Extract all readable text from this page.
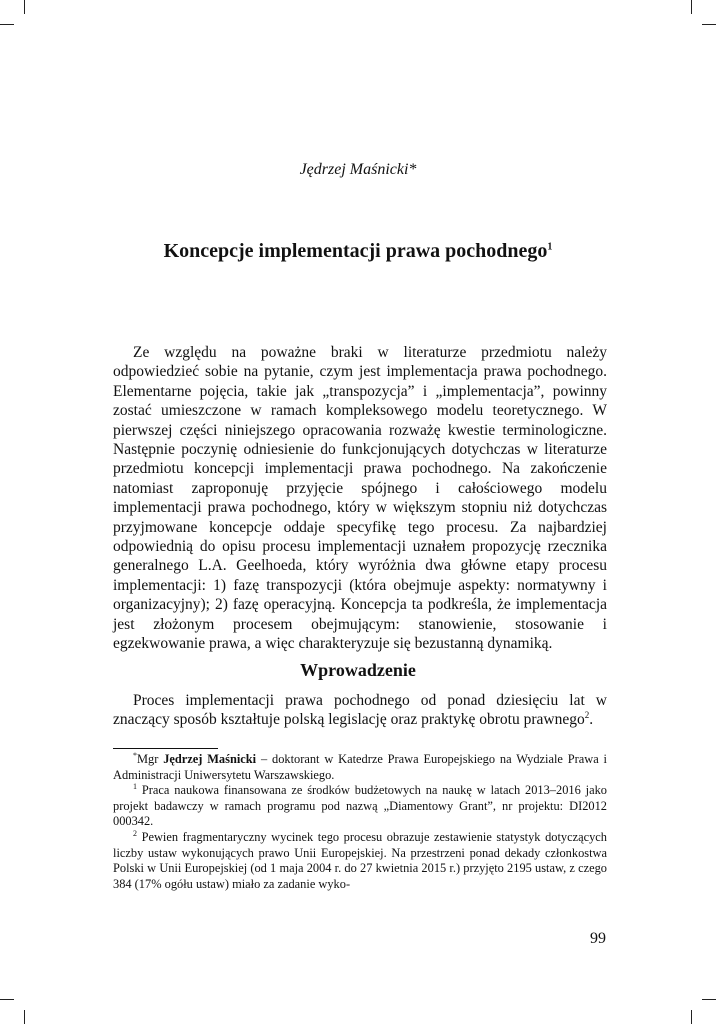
Jędrzej Maśnicki*
Koncepcje implementacji prawa pochodnego$^1$

Ze względu na poważne braki w literaturze przedmiotu należy odpowiedzieć sobie na pytanie, czym jest implementacja prawa pochodnego. Elementarne pojęcia, takie jak „transpozycja” i „implementacja”, powinny zostać umieszczone w ramach kompleksowego modelu teoretycznego. W pierwszej części niniejszego opracowania rozważę kwestie terminologiczne. Następnie poczynię odniesienie do funkcjonujących dotychczas w literaturze przedmiotu koncepcji implementacji prawa pochodnego. Na zakończenie natomiast zaproponuję przyjęcie spójnego i całościowego modelu implementacji prawa pochodnego, który w większym stopniu niż dotychczas przyjmowane koncepcje oddaje specyfikę tego procesu. Za najbardziej odpowiednią do opisu procesu implementacji uznałem propozycję rzecznika generalnego L.A. Geelhoeda, który wyróżnia dwa główne etapy procesu implementacji: 1) fazę transpozycji (która obejmuje aspekty: normatywny i organizacyjny); 2) fazę operacyjną. Koncepcja ta podkreśla, że implementacja jest złożonym procesem obejmującym: stanowienie, stosowanie i egzekwowanie prawa, a więc charakteryzuje się bezustanną dynamiką.

Wprowadzenie

Proces implementacji prawa pochodnego od ponad dziesięciu lat w znaczący sposób kształtuje polską legislację oraz praktykę obrotu prawnego$^2$.

*Mgr Jędrzej Maśnicki – doktorant w Katedrze Prawa Europejskiego na Wydziale Prawa i Administracji Uniwersytetu Warszawskiego.

$^1$ Praca naukowa finansowana ze środków budżetowych na naukę w latach 2013–2016 jako projekt badawczy w ramach programu pod nazwą „Diamentowy Grant”, nr projektu: DI2012 000342.

$^2$ Pewien fragmentaryczny wycinek tego procesu obrazuje zestawienie statystyk dotyczących liczby ustaw wykonujących prawo Unii Europejskiej. Na przestrzeni ponad dekady członkostwa Polski w Unii Europejskiej (od 1 maja 2004 r. do 27 kwietnia 2015 r.) przyjęto 2195 ustaw, z czego 384 (17% ogółu ustaw) miało za zadanie wyko-

99
